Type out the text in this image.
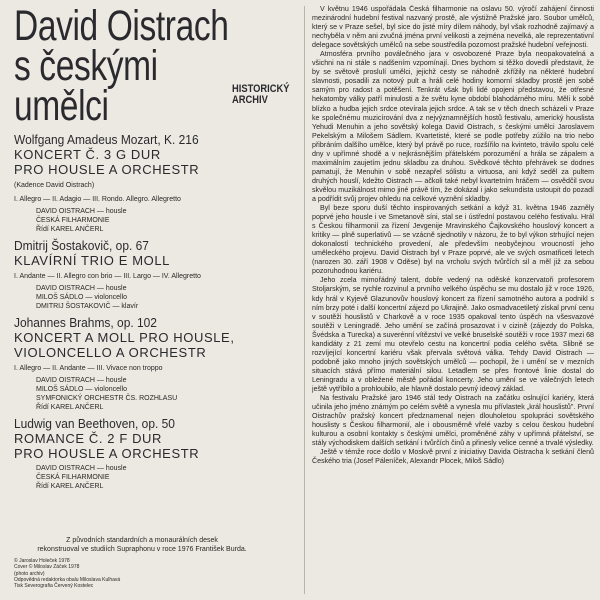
David Oistrach
s českými
umělci	HISTORICKÝ
ARCHIV
Wolfgang Amadeus Mozart, K. 216
KONCERT Č. 3 G DUR
PRO HOUSLE A ORCHESTR
(Kadence David Oistrach)
I. Allegro — II. Adagio — III. Rondo. Allegro. Allegretto
DAVID OISTRACH — housle
ČESKÁ FILHARMONIE
Řídí KAREL ANČERL
Dmitrij Šostakovič, op. 67
KLAVÍRNÍ TRIO E MOLL
I. Andante — II. Allegro con brio — III. Largo — IV. Allegretto
DAVID OISTRACH — housle
MILOŠ SÁDLO — violoncello
DMITRIJ ŠOSTAKOVIČ — klavír
Johannes Brahms, op. 102
KONCERT A MOLL PRO HOUSLE,
VIOLONCELLO A ORCHESTR
I. Allegro — II. Andante — III. Vivace non troppo
DAVID OISTRACH — housle
MILOŠ SÁDLO — violoncello
SYMFONICKÝ ORCHESTR ČS. ROZHLASU
Řídí KAREL ANČERL
Ludwig van Beethoven, op. 50
ROMANCE Č. 2 F DUR
PRO HOUSLE A ORCHESTR
DAVID OISTRACH — housle
ČESKÁ FILHARMONIE
Řídí KAREL ANČERL
Z původních standardních a monaurálních desek
rekonstruoval ve studiích Supraphonu v roce 1976 František Burda.
© Jaroslav Holeček 1978
Cover © Miloslav Záček 1978
(photo archiv)
Odpovědná redaktorka obalu Miloslava Kulhavá
Tisk Severografia Červený Kostelec

V květnu 1946 uspořádala Česká filharmonie na oslavu 50. výročí zahájení činnosti mezinárodní hudební festival nazvaný prostě, ale výstižně Pražské jaro. Soubor umělců, který se v Praze sešel, byl sice do jisté míry dílem náhody, byl však rozhodně zajímavý a nechyběla v něm ani zvučná jména první velikosti a zejména nevelká, ale reprezentativní delegace sovětských umělců na sebe soustředila pozornost pražské hudební veřejnosti.

Atmosféra prvního poválečného jara v osvobozené Praze byla neopakovatelná a všichni na ni stále s nadšením vzpomínají. Dnes bychom si těžko dovedli představit, že by se světově proslulí umělci, jejichž cesty se náhodně zkřížily na některé hudební slavnosti, posadili za notový pult a hráli celé hodiny komorní skladby prostě jen sobě samým pro radost a potěšení. Tenkrát však byli lidé opojeni představou, že otřesné hekatomby války patří minulosti a že světu kyne období blahodárného míru. Měli k sobě blízko a hudba jejich srdce otevírala jejich srdce. A tak se v těch dnech scházeli v Praze ke společnému muzicírování dva z nejvýznamnějších hostů festivalu, americký houslista Yehudi Menuhin a jeho sovětský kolega David Oistrach, s českými umělci Jaroslavem Pekelským a Milošem Sádlem. Kvartetisté, které se podle potřeby zúžilo na trio nebo přibráním dalšího umělce, který byl právě po ruce, rozšířilo na kvinteto, trávilo spolu celé dny v upřímné shodě a v nejkrásnějším přátelském porozumění a hrála se zápalem a maximálním zaujetím jednu skladbu za druhou. Svědkové těchto přehrávek se dodnes pamatují, že Menuhin v sobě nezapřel sólistu a virtuosa, ani když seděl za pultem druhých houslí, kdežto Oistrach — ačkoli také nebyl kvartetním hráčem — osvědčil svou skvělou muzikálnost mimo jiné právě tím, že dokázal i jako sekundista ustoupit do pozadí a podřídit svůj projev ohledu na celkové vyznění skladby.

Byl beze sporu duší těchto inspirovaných setkání a když 31. května 1946 zazněly poprvé jeho housle i ve Smetanově síni, stal se i ústřední postavou celého festivalu. Hrál s Českou filharmonií za řízení Jevgenije Mravinského Čajkovského houslový koncert a kritiky — plně superlativů — se vzácně sjednotily v názoru, že to byl výkon strhující nejen dokonalostí technického provedení, ale především neobyčejnou vroucností jeho uměleckého projevu. David Oistrach byl v Praze poprvé, ale ve svých osmatřiceti letech (narozen 30. září 1908 v Oděse) byl na vrcholu svých tvůrčích sil a měl již za sebou pozoruhodnou kariéru.

Jeho zcela mimořádný talent, dobře vedený na oděské konzervatoři profesorem Stoljarským, se rychle rozvinul a prvního velkého úspěchu se mu dostalo již v roce 1926, kdy hrál v Kyjevě Glazunovův houslový koncert za řízení samotného autora a podnikl s ním brzy poté i další koncertní zájezd po Ukrajině. Jako osmadvacetiletý získal první cenu v soutěži houslistů v Charkově a v roce 1935 opakoval tento úspěch na všesvazové soutěži v Leningradě. Jeho umění se začíná prosazovat i v cizině (zájezdy do Polska, Švédska a Turecka) a suverénní vítězství ve velké bruselské soutěži v roce 1937 mezi 68 kandidáty z 21 zemí mu otevřelo cestu na koncertní podia celého světa. Slibně se rozvíjející koncertní kariéru však přervala světová válka. Tehdy David Oistrach — podobně jako mnoho jiných sovětských umělců — pochopil, že i umění se v mezních situacích stává přímo materiální silou. Letadlem se přes frontové linie dostal do Leningradu a v obležené městě pořádal koncerty. Jeho umění se ve válečných letech ještě vytříbilo a prohloubilo, ale hlavně dostalo pevný ideový základ.

Na festivalu Pražské jaro 1946 stál tedy Oistrach na začátku oslnující kariéry, která učinila jeho jméno známým po celém světě a vynesla mu přívlastek „král houslistů". První Oistrachův pražský koncert předznamenal nejen dlouholetou spolupráci sovětského houslisty s Českou filharmonií, ale i obousměrně vřelé vazby s celou českou hudební kulturou a osobní kontakty s českými umělci, proměněné záhy v upřímná přátelství, se stály východiskem dalších setkání i tvůrčích činů a přinesly velice cenné a trvalé výsledky.

Ještě v témže roce došlo v Moskvě první z iniciativy Davida Oistracha k setkání členů Českého tria (Josef Páleníček, Alexandr Plocek, Miloš Sádlo)
